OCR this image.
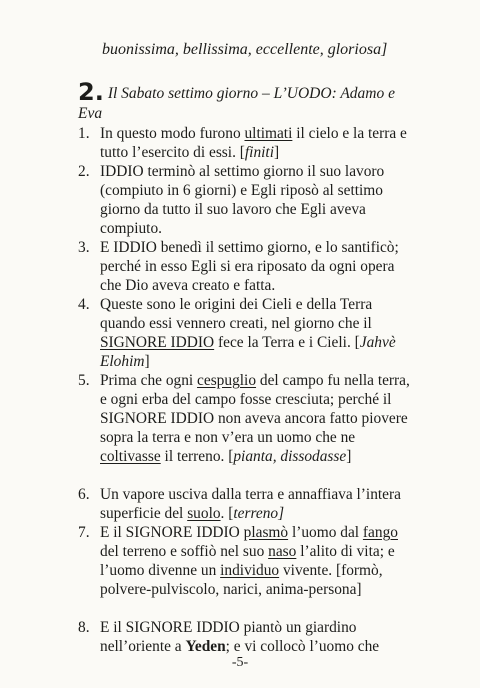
buonissima, bellissima, eccellente, gloriosa]
2. Il Sabato settimo giorno – L’UODO: Adamo e Eva
1. In questo modo furono ultimati il cielo e la terra e tutto l’esercito di essi. [finiti]
2. IDDIO terminò al settimo giorno il suo lavoro (compiuto in 6 giorni) e Egli riposò al settimo giorno da tutto il suo lavoro che Egli aveva compiuto.
3. E IDDIO benedì il settimo giorno, e lo santificò; perché in esso Egli si era riposato da ogni opera che Dio aveva creato e fatta.
4. Queste sono le origini dei Cieli e della Terra quando essi vennero creati, nel giorno che il SIGNORE IDDIO fece la Terra e i Cieli. [Jahvè Elohim]
5. Prima che ogni cespuglio del campo fu nella terra, e ogni erba del campo fosse cresciuta; perché il SIGNORE IDDIO non aveva ancora fatto piovere sopra la terra e non v’era un uomo che ne coltivasse il terreno. [pianta, dissodasse]
6. Un vapore usciva dalla terra e annaffiava l’intera superficie del suolo. [terreno]
7. E il SIGNORE IDDIO plasmò l’uomo dal fango del terreno e soffiò nel suo naso l’alito di vita; e l’uomo divenne un individuo vivente. [formò, polvere-pulviscolo, narici, anima-persona]
8. E il SIGNORE IDDIO piantò un giardino nell’oriente a Yeden; e vi collocò l’uomo che
-5-
